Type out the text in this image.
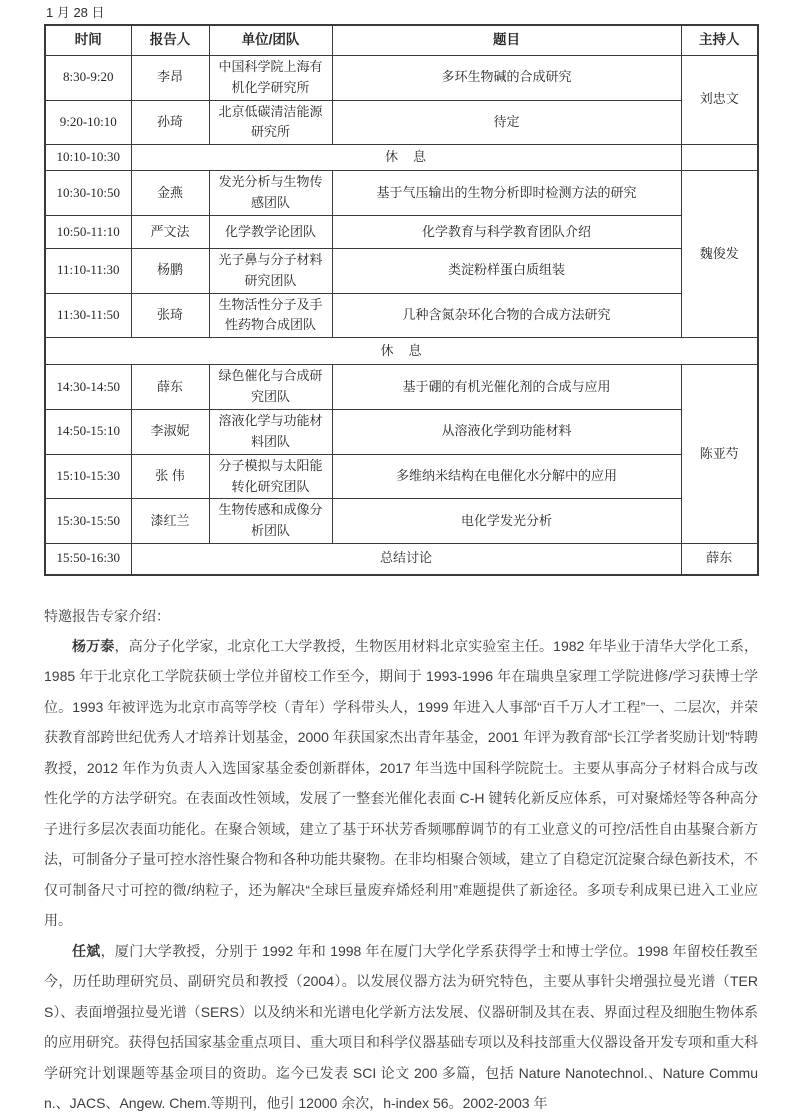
1 月 28 日
时间	报告人	单位/团队	题目	主持人
8:30-9:20	李昂	中国科学院上海有机化学研究所	多环生物碱的合成研究	刘忠文
9:20-10:10	孙琦	北京低碳清洁能源研究所	待定	
10:10-10:30	休　息			
10:30-10:50	金燕	发光分析与生物传感团队	基于气压输出的生物分析即时检测方法的研究	魏俊发
10:50-11:10	严文法	化学教学论团队	化学教育与科学教育团队介绍	
11:10-11:30	杨鹏	光子鼻与分子材料研究团队	类淀粉样蛋白质组装	
11:30-11:50	张琦	生物活性分子及手性药物合成团队	几种含氮杂环化合物的合成方法研究	
休　息				
14:30-14:50	薛东	绿色催化与合成研究团队	基于硼的有机光催化剂的合成与应用	陈亚芍
14:50-15:10	李淑妮	溶液化学与功能材料团队	从溶液化学到功能材料	
15:10-15:30	张 伟	分子模拟与太阳能转化研究团队	多维纳米结构在电催化水分解中的应用	
15:30-15:50	漆红兰	生物传感和成像分析团队	电化学发光分析	
15:50-16:30	总结讨论			薛东
特邀报告专家介绍：

杨万泰，高分子化学家，北京化工大学教授，生物医用材料北京实验室主任。1982 年毕业于清华大学化工系，1985 年于北京化工学院获硕士学位并留校工作至今，期间于 1993-1996 年在瑞典皇家理工学院进修/学习获博士学位。1993 年被评选为北京市高等学校（青年）学科带头人，1999 年进入人事部“百千万人才工程”一、二层次，并荣获教育部跨世纪优秀人才培养计划基金，2000 年获国家杰出青年基金，2001 年评为教育部“长江学者奖励计划”特聘教授，2012 年作为负责人入选国家基金委创新群体，2017 年当选中国科学院院士。主要从事高分子材料合成与改性化学的方法学研究。在表面改性领域，发展了一整套光催化表面 C-H 键转化新反应体系，可对聚烯烃等各种高分子进行多层次表面功能化。在聚合领域，建立了基于环状芳香频哪醇调节的有工业意义的可控/活性自由基聚合新方法，可制备分子量可控水溶性聚合物和各种功能共聚物。在非均相聚合领域，建立了自稳定沉淀聚合绿色新技术，不仅可制备尺寸可控的微/纳粒子，还为解决“全球巨量废弃烯烃利用”难题提供了新途径。多项专利成果已进入工业应用。

任斌，厦门大学教授，分别于 1992 年和 1998 年在厦门大学化学系获得学士和博士学位。1998 年留校任教至今，历任助理研究员、副研究员和教授（2004）。以发展仪器方法为研究特色，主要从事针尖增强拉曼光谱（TERS）、表面增强拉曼光谱（SERS）以及纳米和光谱电化学新方法发展、仪器研制及其在表、界面过程及细胞生物体系的应用研究。获得包括国家基金重点项目、重大项目和科学仪器基础专项以及科技部重大仪器设备开发专项和重大科学研究计划课题等基金项目的资助。迄今已发表 SCI 论文 200 多篇，包括 Nature Nanotechnol.、Nature Commun.、JACS、Angew. Chem.等期刊，他引 12000 余次，h-index 56。2002-2003 年
